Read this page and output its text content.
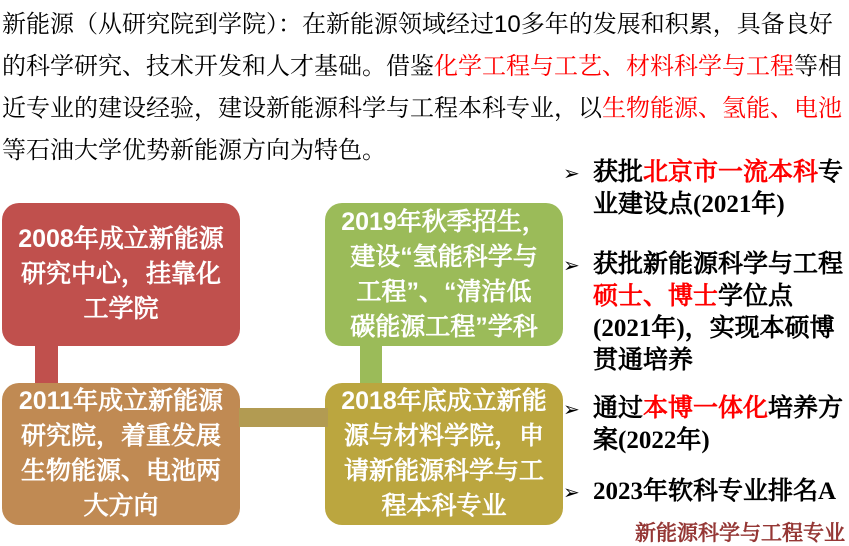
新能源（从研究院到学院）：在新能源领域经过10多年的发展和积累，具备良好
的科学研究、技术开发和人才基础。借鉴化学工程与工艺、材料科学与工程等相
近专业的建设经验，建设新能源科学与工程本科专业，以生物能源、氢能、电池
等石油大学优势新能源方向为特色。
2008年成立新能源
研究中心，挂靠化
工学院
2011年成立新能源
研究院，着重发展
生物能源、电池两
大方向
2019年秋季招生，
建设“氢能科学与
工程”、“清洁低
碳能源工程”学科
2018年底成立新能
源与材料学院，申
请新能源科学与工
程本科专业
➢ 获批北京市一流本科专
业建设点(2021年)
➢ 获批新能源科学与工程
硕士、博士学位点
(2021年)，实现本硕博
贯通培养
➢ 通过本博一体化培养方
案(2022年)
➢ 2023年软科专业排名A
新能源科学与工程专业
